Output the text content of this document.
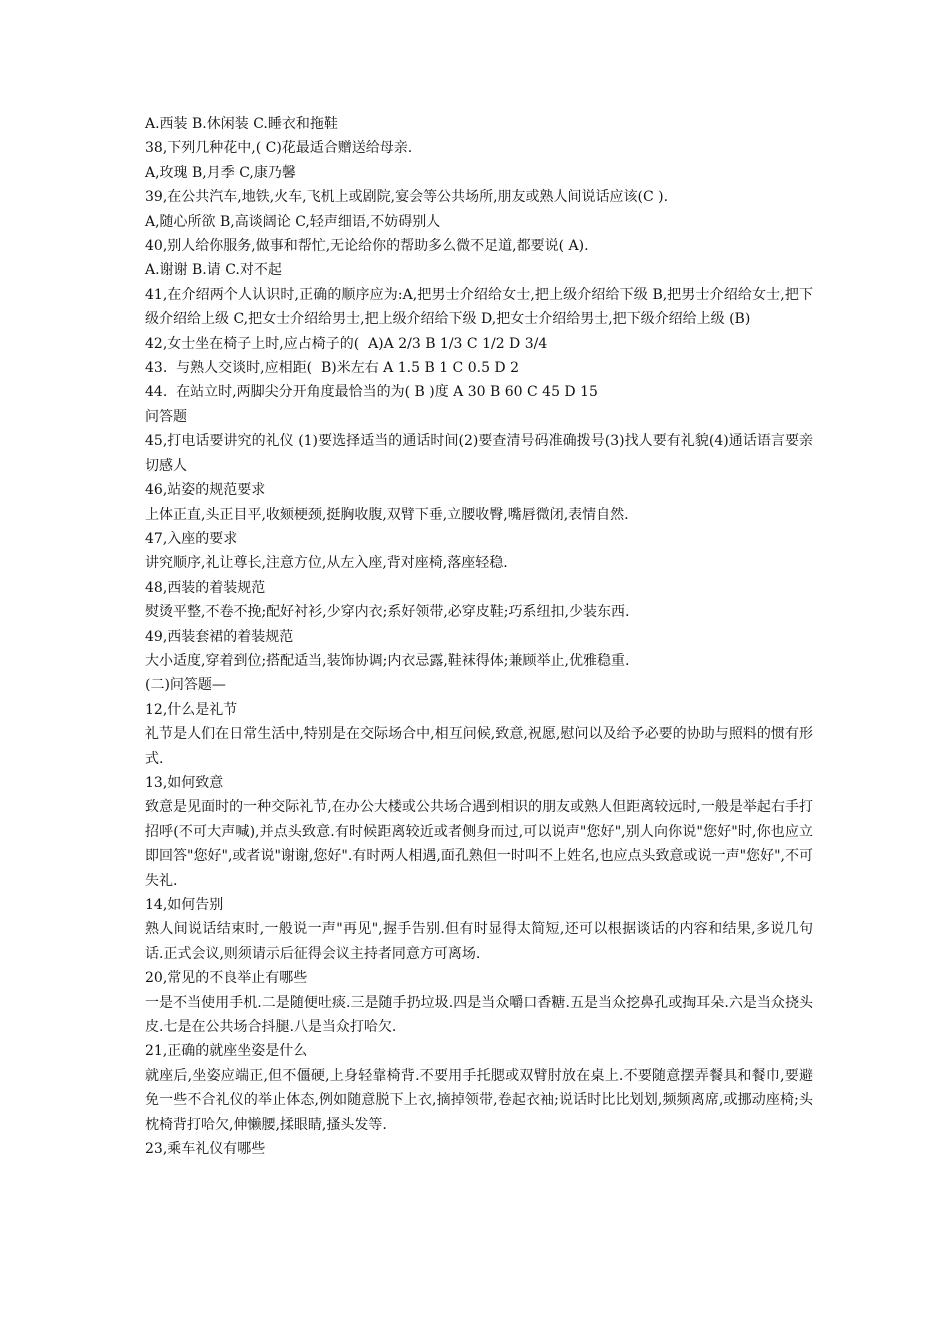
A.西装 B.休闲装 C.睡衣和拖鞋

38,下列几种花中,( C)花最适合赠送给母亲.

A,玫瑰 B,月季 C,康乃馨

39,在公共汽车,地铁,火车,飞机上或剧院,宴会等公共场所,朋友或熟人间说话应该(C ).

A,随心所欲 B,高谈阔论 C,轻声细语,不妨碍别人

40,别人给你服务,做事和帮忙,无论给你的帮助多么微不足道,都要说( A).

A.谢谢 B.请 C.对不起

41,在介绍两个人认识时,正确的顺序应为:A,把男士介绍给女士,把上级介绍给下级 B,把男士介绍给女士,把下级介绍给上级 C,把女士介绍给男士,把上级介绍给下级 D,把女士介绍给男士,把下级介绍给上级 (B)

42,女士坐在椅子上时,应占椅子的(  A)A 2/3 B 1/3 C 1/2 D 3/4

43.  与熟人交谈时,应相距(  B)米左右 A 1.5 B 1 C 0.5 D 2

44.  在站立时,两脚尖分开角度最恰当的为( B )度 A 30 B 60 C 45 D 15

问答题

45,打电话要讲究的礼仪 (1)要选择适当的通话时间(2)要查清号码准确拨号(3)找人要有礼貌(4)通话语言要亲切感人

46,站姿的规范要求

上体正直,头正目平,收颏梗颈,挺胸收腹,双臂下垂,立腰收臀,嘴唇微闭,表情自然.

47,入座的要求

讲究顺序,礼让尊长,注意方位,从左入座,背对座椅,落座轻稳.

48,西装的着装规范

熨烫平整,不卷不挽;配好衬衫,少穿内衣;系好领带,必穿皮鞋;巧系纽扣,少装东西.

49,西装套裙的着装规范

大小适度,穿着到位;搭配适当,装饰协调;内衣忌露,鞋袜得体;兼顾举止,优雅稳重.

(二)问答题—

12,什么是礼节

礼节是人们在日常生活中,特别是在交际场合中,相互问候,致意,祝愿,慰问以及给予必要的协助与照料的惯有形式.

13,如何致意

致意是见面时的一种交际礼节,在办公大楼或公共场合遇到相识的朋友或熟人但距离较远时,一般是举起右手打招呼(不可大声喊),并点头致意.有时候距离较近或者侧身而过,可以说声"您好",别人向你说"您好"时,你也应立即回答"您好",或者说"谢谢,您好".有时两人相遇,面孔熟但一时叫不上姓名,也应点头致意或说一声"您好",不可失礼.

14,如何告别

熟人间说话结束时,一般说一声"再见",握手告别.但有时显得太简短,还可以根据谈话的内容和结果,多说几句话.正式会议,则须请示后征得会议主持者同意方可离场.

20,常见的不良举止有哪些

一是不当使用手机.二是随便吐痰.三是随手扔垃圾.四是当众嚼口香糖.五是当众挖鼻孔或掏耳朵.六是当众挠头皮.七是在公共场合抖腿.八是当众打哈欠.

21,正确的就座坐姿是什么

就座后,坐姿应端正,但不僵硬,上身轻靠椅背.不要用手托腮或双臂肘放在桌上.不要随意摆弄餐具和餐巾,要避免一些不合礼仪的举止体态,例如随意脱下上衣,摘掉领带,卷起衣袖;说话时比比划划,频频离席,或挪动座椅;头枕椅背打哈欠,伸懒腰,揉眼睛,搔头发等.

23,乘车礼仪有哪些
